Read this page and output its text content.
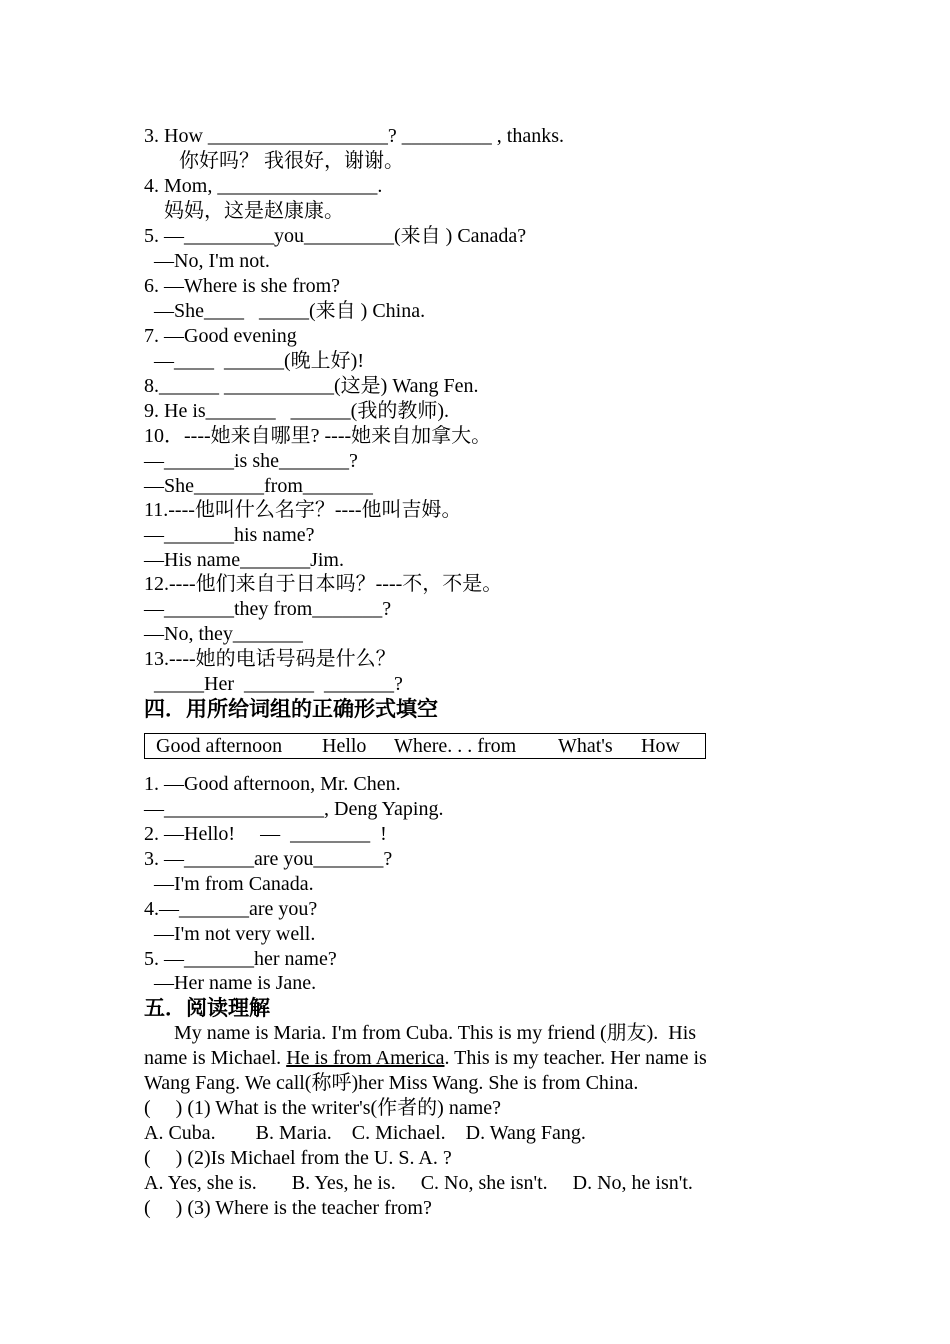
3. How __________________? _________ , thanks.
你好吗？ 我很好，谢谢。
4. Mom, ________________.
妈妈，这是赵康康。
5. —_________you_________(来自 ) Canada?
—No, I'm not.
6. —Where is she from?
—She____   _____(来自 ) China.
7. —Good evening
—____  ______(晚上好)!
8.______ ___________(这是) Wang Fen.
9. He is_______   ______(我的教师).
10．----她来自哪里? ----她来自加拿大。
—_______is she_______?
—She_______from_______
11.----他叫什么名字？----他叫吉姆。
—_______his name?
—His name_______Jim.
12.----他们来自于日本吗？----不，不是。
—_______they from_______?
—No, they_______
13.----她的电话号码是什么？
_____Her  _______  _______?
四．用所给词组的正确形式填空
Good afternoon Hello Where. . . from What's How
1. —Good afternoon, Mr. Chen.
—________________, Deng Yaping.
2. —Hello!     —  ________  !
3. —_______are you_______?
—I'm from Canada.
4.—_______are you?
—I'm not very well.
5. —_______her name?
—Her name is Jane.
五．阅读理解
My name is Maria. I'm from Cuba. This is my friend (朋友).  His
name is Michael. He is from America. This is my teacher. Her name is
Wang Fang. We call(称呼)her Miss Wang. She is from China.
(     ) (1) What is the writer's(作者的) name?
A. Cuba.        B. Maria.    C. Michael.    D. Wang Fang.
(     ) (2)Is Michael from the U. S. A. ?
A. Yes, she is.       B. Yes, he is.     C. No, she isn't.     D. No, he isn't.
(     ) (3) Where is the teacher from?
